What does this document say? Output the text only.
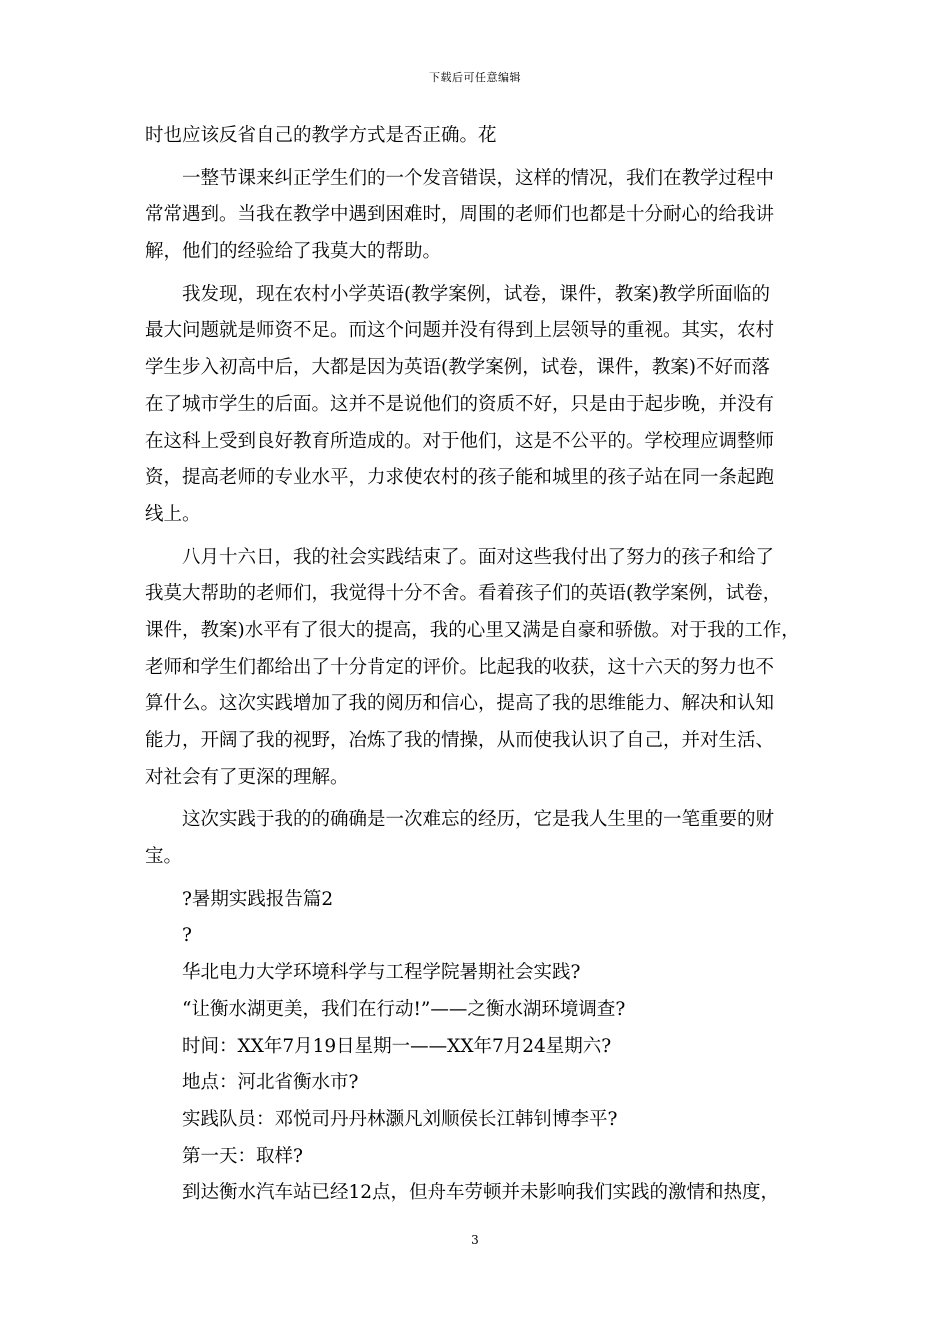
下载后可任意编辑
时也应该反省自己的教学方式是否正确。花
一整节课来纠正学生们的一个发音错误，这样的情况，我们在教学过程中
常常遇到。当我在教学中遇到困难时，周围的老师们也都是十分耐心的给我讲
解，他们的经验给了我莫大的帮助。
我发现，现在农村小学英语(教学案例，试卷，课件，教案)教学所面临的
最大问题就是师资不足。而这个问题并没有得到上层领导的重视。其实，农村
学生步入初高中后，大都是因为英语(教学案例，试卷，课件，教案)不好而落
在了城市学生的后面。这并不是说他们的资质不好，只是由于起步晚，并没有
在这科上受到良好教育所造成的。对于他们，这是不公平的。学校理应调整师
资，提高老师的专业水平，力求使农村的孩子能和城里的孩子站在同一条起跑
线上。
八月十六日，我的社会实践结束了。面对这些我付出了努力的孩子和给了
我莫大帮助的老师们，我觉得十分不舍。看着孩子们的英语(教学案例，试卷，
课件，教案)水平有了很大的提高，我的心里又满是自豪和骄傲。对于我的工作，
老师和学生们都给出了十分肯定的评价。比起我的收获，这十六天的努力也不
算什么。这次实践增加了我的阅历和信心，提高了我的思维能力、解决和认知
能力，开阔了我的视野，冶炼了我的情操，从而使我认识了自己，并对生活、
对社会有了更深的理解。
这次实践于我的的确确是一次难忘的经历，它是我人生里的一笔重要的财
宝。
?暑期实践报告篇2
?
华北电力大学环境科学与工程学院暑期社会实践?
“让衡水湖更美，我们在行动!”——之衡水湖环境调查?
时间：XX年7月19日星期一——XX年7月24星期六?
地点：河北省衡水市?
实践队员：邓悦司丹丹林灏凡刘顺侯长江韩钊博李平?
第一天：取样?
到达衡水汽车站已经12点，但舟车劳顿并未影响我们实践的激情和热度，
3
